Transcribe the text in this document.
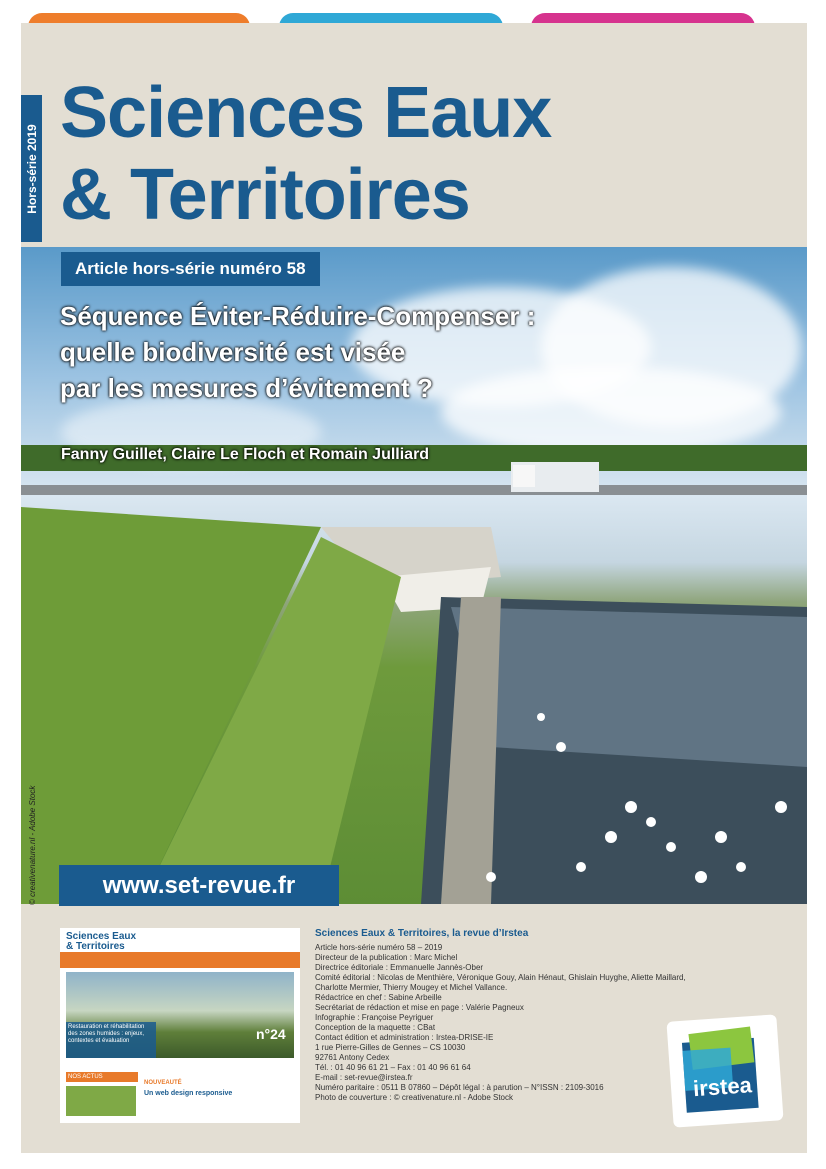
Hors-série 2019
Sciences Eaux
& Territoires
Article hors-série numéro 58
Séquence Éviter-Réduire-Compenser :
quelle biodiversité est visée
par les mesures d’évitement ?
Fanny Guillet, Claire Le Floch et Romain Julliard
www.set-revue.fr
© creativenature.nl - Adobe Stock
Sciences Eaux
& Territoires
Restauration et réhabilitation des zones humides : enjeux, contextes et évaluation	n°24
NOS ACTUS
NOUVEAUTÉ
Un web design responsive
Sciences Eaux & Territoires, la revue d’Irstea
Article hors-série numéro 58 – 2019
Directeur de la publication : Marc Michel
Directrice éditoriale : Emmanuelle Jannès-Ober
Comité éditorial : Nicolas de Menthière, Véronique Gouy, Alain Hénaut, Ghislain Huyghe, Aliette Maillard,
Charlotte Mermier, Thierry Mougey et Michel Vallance.
Rédactrice en chef : Sabine Arbeille
Secrétariat de rédaction et mise en page : Valérie Pagneux
Infographie : Françoise Peyriguer
Conception de la maquette : CBat
Contact édition et administration : Irstea-DRISE-IE
1 rue Pierre-Gilles de Gennes – CS 10030
92761 Antony Cedex
Tél. : 01 40 96 61 21 – Fax : 01 40 96 61 64
E-mail : set-revue@irstea.fr
Numéro paritaire : 0511 B 07860 – Dépôt légal : à parution – N°ISSN : 2109-3016
Photo de couverture : © creativenature.nl - Adobe Stock	irstea
